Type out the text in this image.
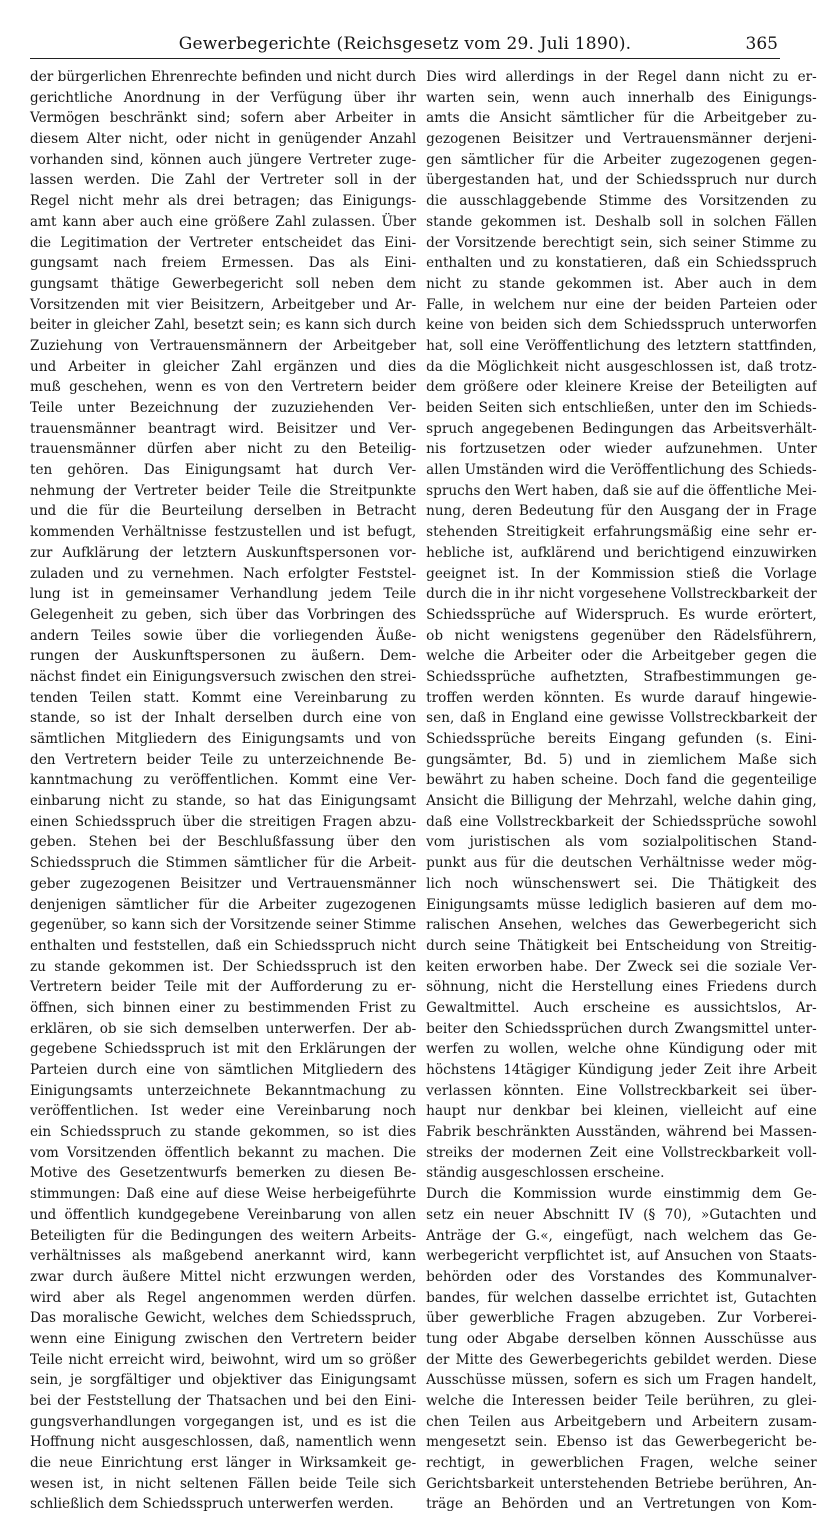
Gewerbegerichte (Reichsgesetz vom 29. Juli 1890).	365
der bürgerlichen Ehrenrechte befinden und nicht durch
gerichtliche Anordnung in der Verfügung über ihr
Vermögen beschränkt sind; sofern aber Arbeiter in
diesem Alter nicht, oder nicht in genügender Anzahl
vorhanden sind, können auch jüngere Vertreter zuge-
lassen werden. Die Zahl der Vertreter soll in der
Regel nicht mehr als drei betragen; das Einigungs-
amt kann aber auch eine größere Zahl zulassen. Über
die Legitimation der Vertreter entscheidet das Eini-
gungsamt nach freiem Ermessen. Das als Eini-
gungsamt thätige Gewerbegericht soll neben dem
Vorsitzenden mit vier Beisitzern, Arbeitgeber und Ar-
beiter in gleicher Zahl, besetzt sein; es kann sich durch
Zuziehung von Vertrauensmännern der Arbeitgeber
und Arbeiter in gleicher Zahl ergänzen und dies
muß geschehen, wenn es von den Vertretern beider
Teile unter Bezeichnung der zuzuziehenden Ver-
trauensmänner beantragt wird. Beisitzer und Ver-
trauensmänner dürfen aber nicht zu den Beteilig-
ten gehören. Das Einigungsamt hat durch Ver-
nehmung der Vertreter beider Teile die Streitpunkte
und die für die Beurteilung derselben in Betracht
kommenden Verhältnisse festzustellen und ist befugt,
zur Aufklärung der letztern Auskunftspersonen vor-
zuladen und zu vernehmen. Nach erfolgter Feststel-
lung ist in gemeinsamer Verhandlung jedem Teile
Gelegenheit zu geben, sich über das Vorbringen des
andern Teiles sowie über die vorliegenden Äuße-
rungen der Auskunftspersonen zu äußern. Dem-
nächst findet ein Einigungsversuch zwischen den strei-
tenden Teilen statt. Kommt eine Vereinbarung zu
stande, so ist der Inhalt derselben durch eine von
sämtlichen Mitgliedern des Einigungsamts und von
den Vertretern beider Teile zu unterzeichnende Be-
kanntmachung zu veröffentlichen. Kommt eine Ver-
einbarung nicht zu stande, so hat das Einigungsamt
einen Schiedsspruch über die streitigen Fragen abzu-
geben. Stehen bei der Beschlußfassung über den
Schiedsspruch die Stimmen sämtlicher für die Arbeit-
geber zugezogenen Beisitzer und Vertrauensmänner
denjenigen sämtlicher für die Arbeiter zugezogenen
gegenüber, so kann sich der Vorsitzende seiner Stimme
enthalten und feststellen, daß ein Schiedsspruch nicht
zu stande gekommen ist. Der Schiedsspruch ist den
Vertretern beider Teile mit der Aufforderung zu er-
öffnen, sich binnen einer zu bestimmenden Frist zu
erklären, ob sie sich demselben unterwerfen. Der ab-
gegebene Schiedsspruch ist mit den Erklärungen der
Parteien durch eine von sämtlichen Mitgliedern des
Einigungsamts unterzeichnete Bekanntmachung zu
veröffentlichen. Ist weder eine Vereinbarung noch
ein Schiedsspruch zu stande gekommen, so ist dies
vom Vorsitzenden öffentlich bekannt zu machen. Die
Motive des Gesetzentwurfs bemerken zu diesen Be-
stimmungen: Daß eine auf diese Weise herbeigeführte
und öffentlich kundgegebene Vereinbarung von allen
Beteiligten für die Bedingungen des weitern Arbeits-
verhältnisses als maßgebend anerkannt wird, kann
zwar durch äußere Mittel nicht erzwungen werden,
wird aber als Regel angenommen werden dürfen.
Das moralische Gewicht, welches dem Schiedsspruch,
wenn eine Einigung zwischen den Vertretern beider
Teile nicht erreicht wird, beiwohnt, wird um so größer
sein, je sorgfältiger und objektiver das Einigungsamt
bei der Feststellung der Thatsachen und bei den Eini-
gungsverhandlungen vorgegangen ist, und es ist die
Hoffnung nicht ausgeschlossen, daß, namentlich wenn
die neue Einrichtung erst länger in Wirksamkeit ge-
wesen ist, in nicht seltenen Fällen beide Teile sich
schließlich dem Schiedsspruch unterwerfen werden.
Dies wird allerdings in der Regel dann nicht zu er-
warten sein, wenn auch innerhalb des Einigungs-
amts die Ansicht sämtlicher für die Arbeitgeber zu-
gezogenen Beisitzer und Vertrauensmänner derjeni-
gen sämtlicher für die Arbeiter zugezogenen gegen-
übergestanden hat, und der Schiedsspruch nur durch
die ausschlaggebende Stimme des Vorsitzenden zu
stande gekommen ist. Deshalb soll in solchen Fällen
der Vorsitzende berechtigt sein, sich seiner Stimme zu
enthalten und zu konstatieren, daß ein Schiedsspruch
nicht zu stande gekommen ist. Aber auch in dem
Falle, in welchem nur eine der beiden Parteien oder
keine von beiden sich dem Schiedsspruch unterworfen
hat, soll eine Veröffentlichung des letztern stattfinden,
da die Möglichkeit nicht ausgeschlossen ist, daß trotz-
dem größere oder kleinere Kreise der Beteiligten auf
beiden Seiten sich entschließen, unter den im Schieds-
spruch angegebenen Bedingungen das Arbeitsverhält-
nis fortzusetzen oder wieder aufzunehmen. Unter
allen Umständen wird die Veröffentlichung des Schieds-
spruchs den Wert haben, daß sie auf die öffentliche Mei-
nung, deren Bedeutung für den Ausgang der in Frage
stehenden Streitigkeit erfahrungsmäßig eine sehr er-
hebliche ist, aufklärend und berichtigend einzuwirken
geeignet ist. In der Kommission stieß die Vorlage
durch die in ihr nicht vorgesehene Vollstreckbarkeit der
Schiedssprüche auf Widerspruch. Es wurde erörtert,
ob nicht wenigstens gegenüber den Rädelsführern,
welche die Arbeiter oder die Arbeitgeber gegen die
Schiedssprüche aufhetzten, Strafbestimmungen ge-
troffen werden könnten. Es wurde darauf hingewie-
sen, daß in England eine gewisse Vollstreckbarkeit der
Schiedssprüche bereits Eingang gefunden (s. Eini-
gungsämter, Bd. 5) und in ziemlichem Maße sich
bewährt zu haben scheine. Doch fand die gegenteilige
Ansicht die Billigung der Mehrzahl, welche dahin ging,
daß eine Vollstreckbarkeit der Schiedssprüche sowohl
vom juristischen als vom sozialpolitischen Stand-
punkt aus für die deutschen Verhältnisse weder mög-
lich noch wünschenswert sei. Die Thätigkeit des
Einigungsamts müsse lediglich basieren auf dem mo-
ralischen Ansehen, welches das Gewerbegericht sich
durch seine Thätigkeit bei Entscheidung von Streitig-
keiten erworben habe. Der Zweck sei die soziale Ver-
söhnung, nicht die Herstellung eines Friedens durch
Gewaltmittel. Auch erscheine es aussichtslos, Ar-
beiter den Schiedssprüchen durch Zwangsmittel unter-
werfen zu wollen, welche ohne Kündigung oder mit
höchstens 14tägiger Kündigung jeder Zeit ihre Arbeit
verlassen könnten. Eine Vollstreckbarkeit sei über-
haupt nur denkbar bei kleinen, vielleicht auf eine
Fabrik beschränkten Ausständen, während bei Massen-
streiks der modernen Zeit eine Vollstreckbarkeit voll-
ständig ausgeschlossen erscheine.
Durch die Kommission wurde einstimmig dem Ge-
setz ein neuer Abschnitt IV (§ 70), »Gutachten und
Anträge der G.«, eingefügt, nach welchem das Ge-
werbegericht verpflichtet ist, auf Ansuchen von Staats-
behörden oder des Vorstandes des Kommunalver-
bandes, für welchen dasselbe errichtet ist, Gutachten
über gewerbliche Fragen abzugeben. Zur Vorberei-
tung oder Abgabe derselben können Ausschüsse aus
der Mitte des Gewerbegerichts gebildet werden. Diese
Ausschüsse müssen, sofern es sich um Fragen handelt,
welche die Interessen beider Teile berühren, zu glei-
chen Teilen aus Arbeitgebern und Arbeitern zusam-
mengesetzt sein. Ebenso ist das Gewerbegericht be-
rechtigt, in gewerblichen Fragen, welche seiner
Gerichtsbarkeit unterstehenden Betriebe berühren, An-
träge an Behörden und an Vertretungen von Kom-
